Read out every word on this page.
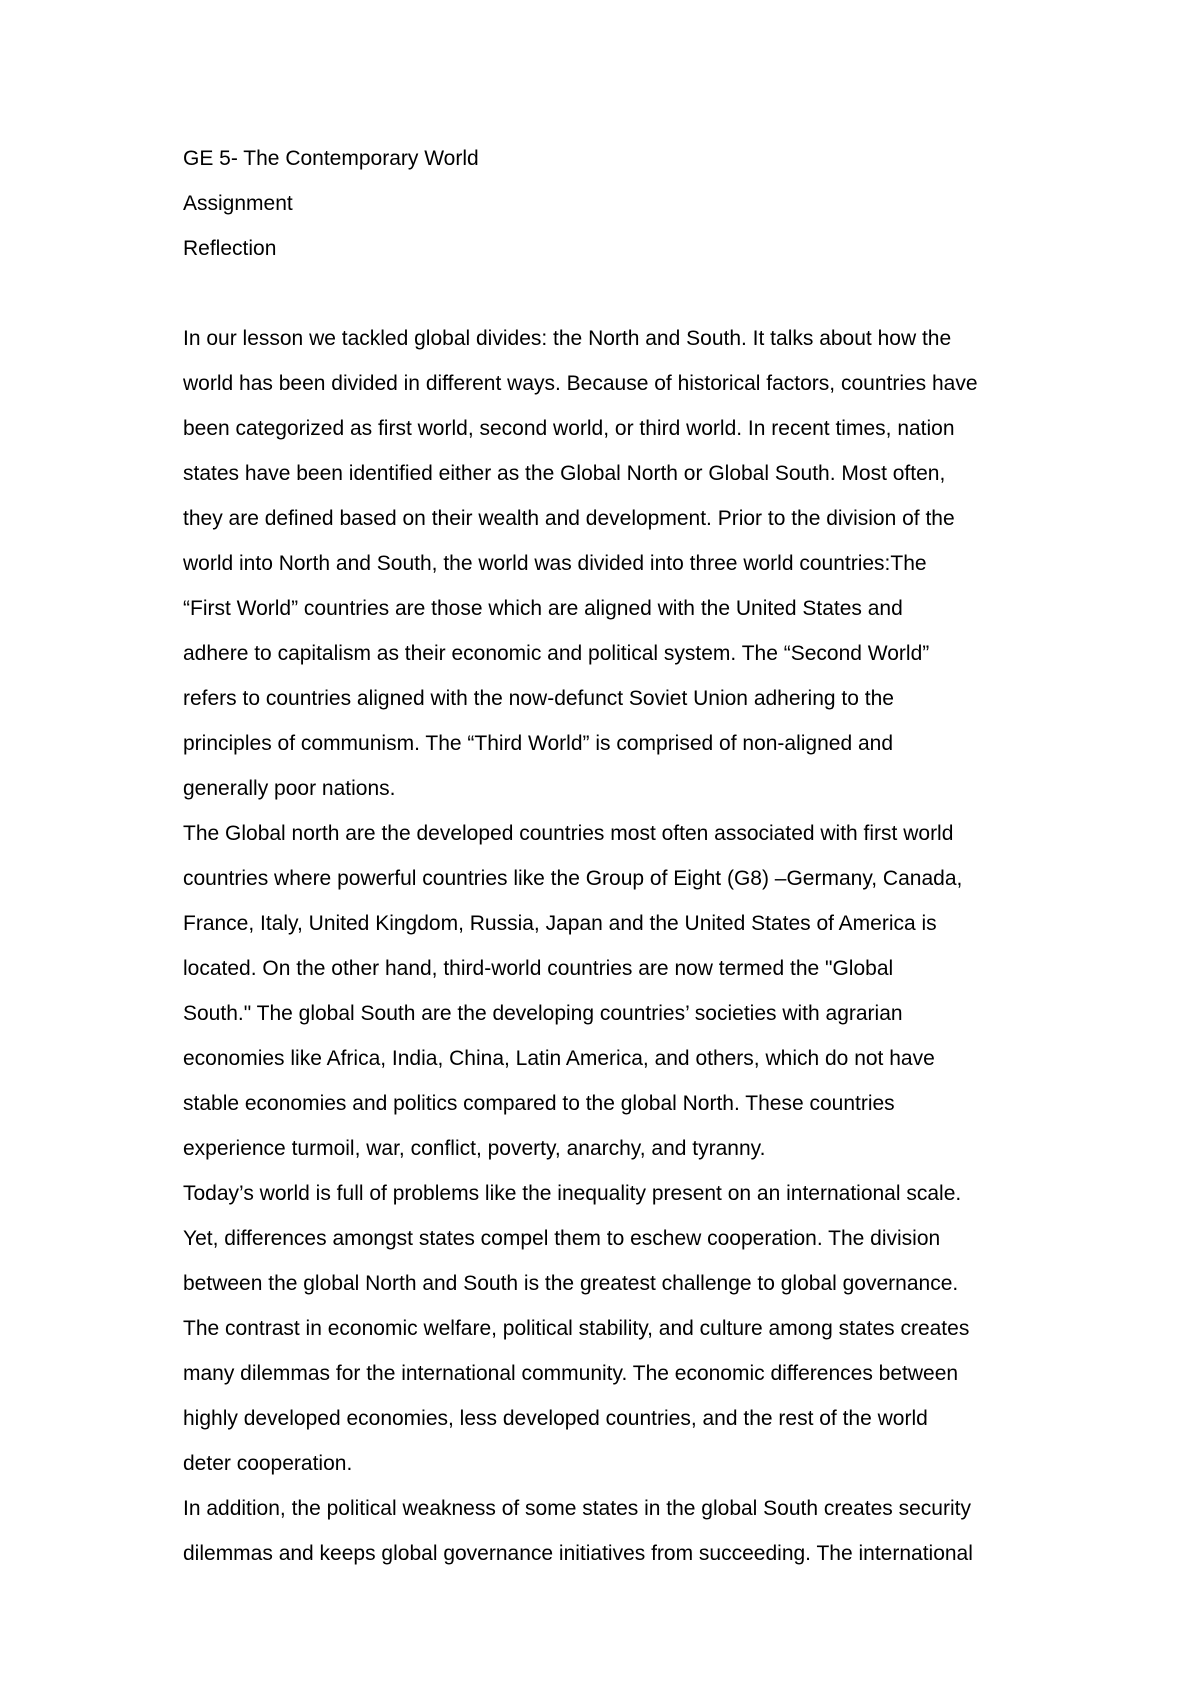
GE 5- The Contemporary World
Assignment
Reflection
In our lesson we tackled global divides: the North and South. It talks about how the
world has been divided in different ways. Because of historical factors, countries have
been categorized as first world, second world, or third world. In recent times, nation
states have been identified either as the Global North or Global South. Most often,
they are defined based on their wealth and development. Prior to the division of the
world into North and South, the world was divided into three world countries:The
“First World” countries are those which are aligned with the United States and
adhere to capitalism as their economic and political system. The “Second World”
refers to countries aligned with the now-defunct Soviet Union adhering to the
principles of communism. The “Third World” is comprised of non-aligned and
generally poor nations.
The Global north are the developed countries most often associated with first world
countries where powerful countries like the Group of Eight (G8) –Germany, Canada,
France, Italy, United Kingdom, Russia, Japan and the United States of America is
located. On the other hand, third-world countries are now termed the "Global
South." The global South are the developing countries’ societies with agrarian
economies like Africa, India, China, Latin America, and others, which do not have
stable economies and politics compared to the global North. These countries
experience turmoil, war, conflict, poverty, anarchy, and tyranny.
Today’s world is full of problems like the inequality present on an international scale.
Yet, differences amongst states compel them to eschew cooperation. The division
between the global North and South is the greatest challenge to global governance.
The contrast in economic welfare, political stability, and culture among states creates
many dilemmas for the international community. The economic differences between
highly developed economies, less developed countries, and the rest of the world
deter cooperation.
In addition, the political weakness of some states in the global South creates security
dilemmas and keeps global governance initiatives from succeeding. The international
